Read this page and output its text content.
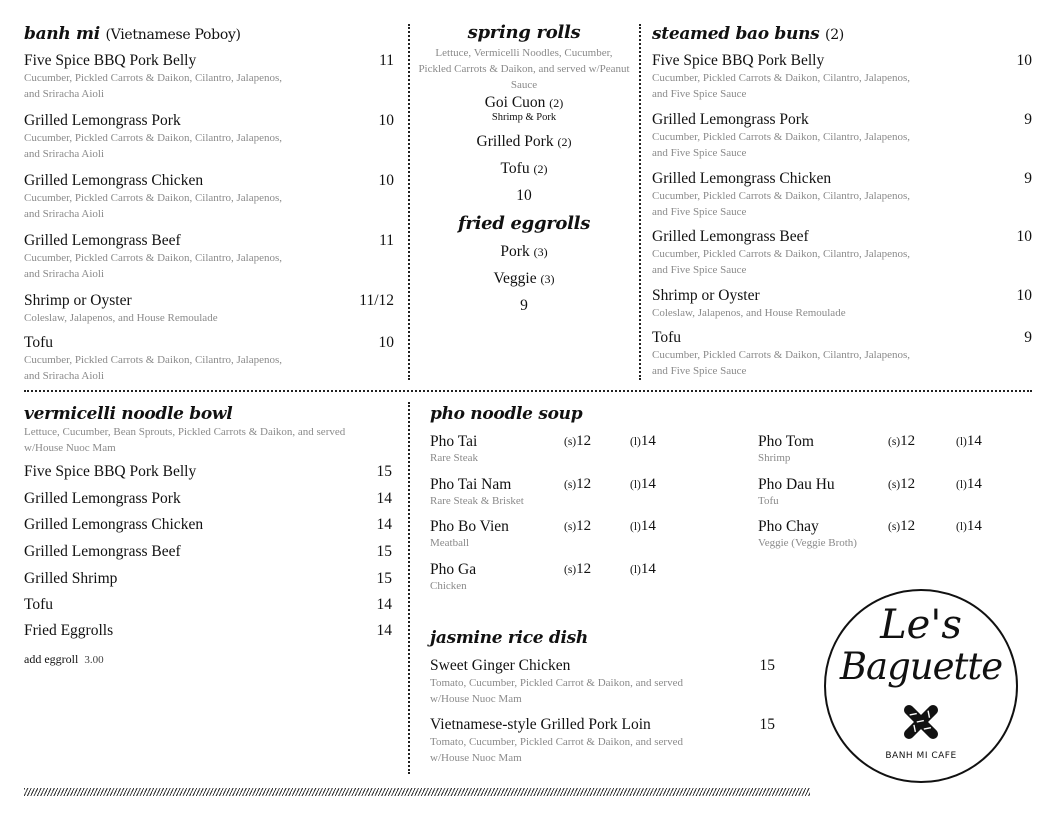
banh mi (Vietnamese Poboy)
Five Spice BBQ Pork Belly	11
Cucumber, Pickled Carrots & Daikon, Cilantro, Jalapenos, and Sriracha Aioli
Grilled Lemongrass Pork	10
Cucumber, Pickled Carrots & Daikon, Cilantro, Jalapenos, and Sriracha Aioli
Grilled Lemongrass Chicken	10
Cucumber, Pickled Carrots & Daikon, Cilantro, Jalapenos, and Sriracha Aioli
Grilled Lemongrass Beef	11
Cucumber, Pickled Carrots & Daikon, Cilantro, Jalapenos, and Sriracha Aioli
Shrimp or Oyster	11/12
Coleslaw, Jalapenos, and House Remoulade
Tofu	10
Cucumber, Pickled Carrots & Daikon, Cilantro, Jalapenos, and Sriracha Aioli
spring rolls
Lettuce, Vermicelli Noodles, Cucumber, Pickled Carrots & Daikon, and served w/Peanut Sauce
Goi Cuon (2)
Shrimp & Pork
Grilled Pork (2)
Tofu (2)
10
fried eggrolls
Pork (3)
Veggie (3)
9
steamed bao buns (2)
Five Spice BBQ Pork Belly	10
Cucumber, Pickled Carrots & Daikon, Cilantro, Jalapenos, and Five Spice Sauce
Grilled Lemongrass Pork	9
Cucumber, Pickled Carrots & Daikon, Cilantro, Jalapenos, and Five Spice Sauce
Grilled Lemongrass Chicken	9
Cucumber, Pickled Carrots & Daikon, Cilantro, Jalapenos, and Five Spice Sauce
Grilled Lemongrass Beef	10
Cucumber, Pickled Carrots & Daikon, Cilantro, Jalapenos, and Five Spice Sauce
Shrimp or Oyster	10
Coleslaw, Jalapenos, and House Remoulade
Tofu	9
Cucumber, Pickled Carrots & Daikon, Cilantro, Jalapenos, and Five Spice Sauce
vermicelli noodle bowl
Lettuce, Cucumber, Bean Sprouts, Pickled Carrots & Daikon, and served w/House Nuoc Mam
Five Spice BBQ Pork Belly	15
Grilled Lemongrass Pork	14
Grilled Lemongrass Chicken	14
Grilled Lemongrass Beef	15
Grilled Shrimp	15
Tofu	14
Fried Eggrolls	14
add eggroll 3.00
pho noodle soup
Pho Tai
Rare Steak
(s)12	(l)14
Pho Tai Nam
Rare Steak & Brisket
(s)12	(l)14
Pho Bo Vien
Meatball
(s)12	(l)14
Pho Ga
Chicken
(s)12	(l)14
Pho Tom
Shrimp
(s)12	(l)14
Pho Dau Hu
Tofu
(s)12	(l)14
Pho Chay
Veggie (Veggie Broth)
(s)12	(l)14
jasmine rice dish
Sweet Ginger Chicken	15
Tomato, Cucumber, Pickled Carrot & Daikon, and served w/House Nuoc Mam
Vietnamese-style Grilled Pork Loin	15
Tomato, Cucumber, Pickled Carrot & Daikon, and served w/House Nuoc Mam
Le's
Baguette
BANH MI CAFE
